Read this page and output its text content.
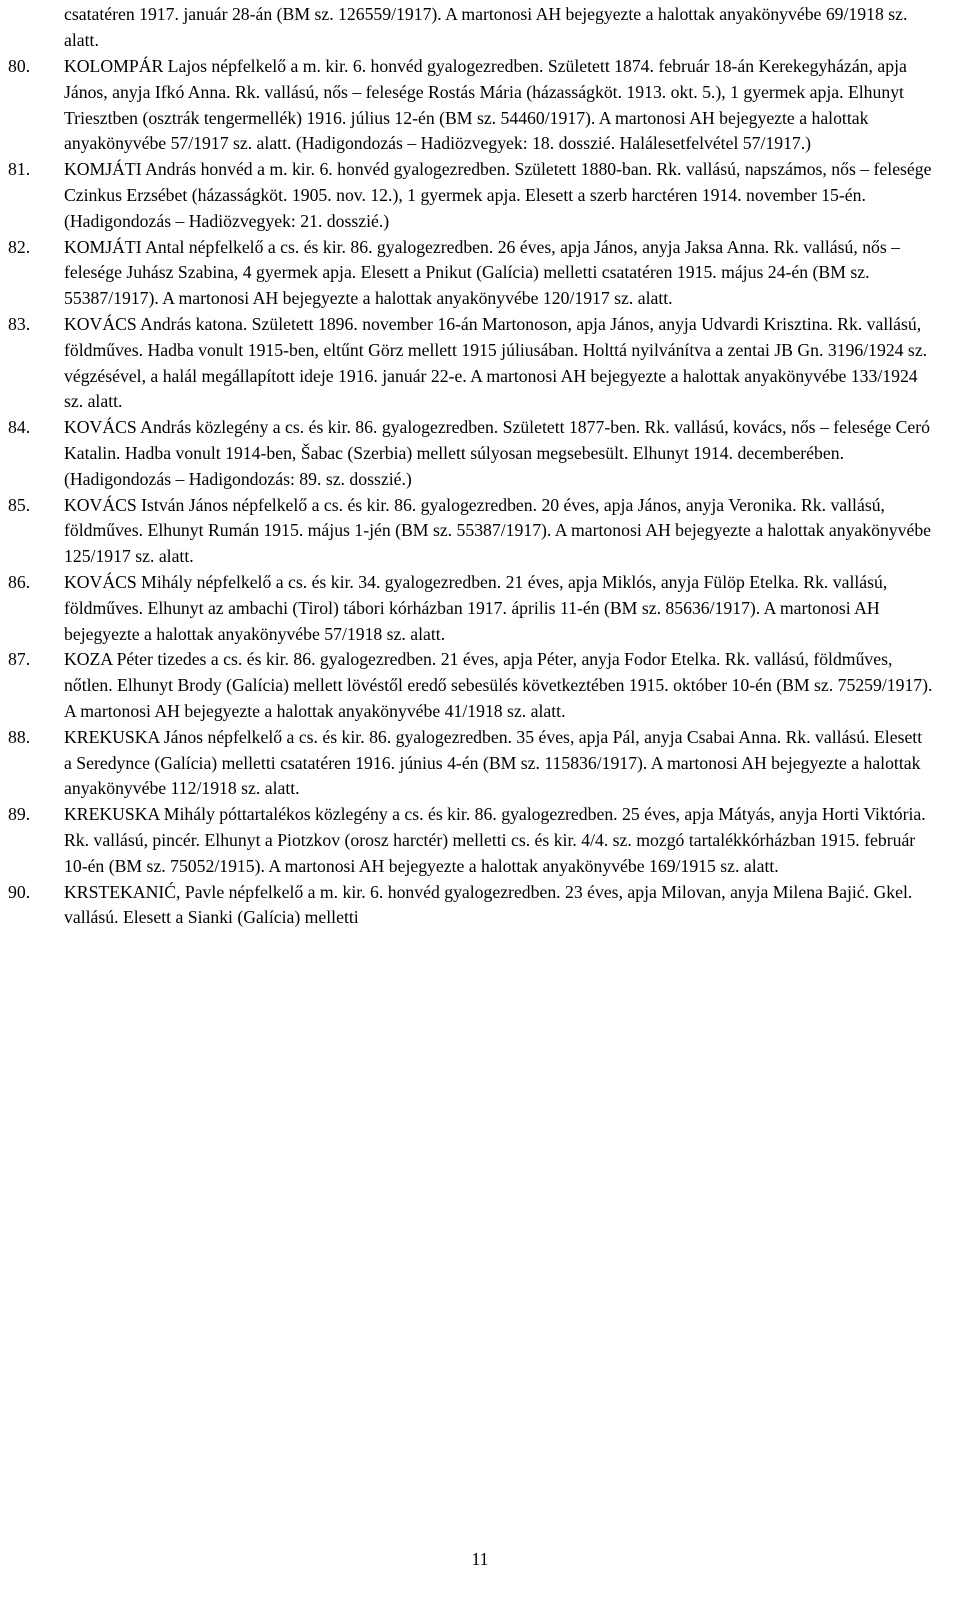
csatatéren 1917. január 28-án (BM sz. 126559/1917). A martonosi AH bejegyezte a halottak anyakönyvébe 69/1918 sz. alatt.
80.	KOLOMPÁR Lajos népfelkelő a m. kir. 6. honvéd gyalogezredben. Született 1874. február 18-án Kerekegyházán, apja János, anyja Ifkó Anna. Rk. vallású, nős – felesége Rostás Mária (házasságköt. 1913. okt. 5.), 1 gyermek apja. Elhunyt Triesztben (osztrák tengermellék) 1916. július 12-én (BM sz. 54460/1917). A martonosi AH bejegyezte a halottak anyakönyvébe 57/1917 sz. alatt. (Hadigondozás – Hadiözvegyek: 18. dosszié. Halálesetfelvétel 57/1917.)
81.	KOMJÁTI András honvéd a m. kir. 6. honvéd gyalogezredben. Született 1880-ban. Rk. vallású, napszámos, nős – felesége Czinkus Erzsébet (házasságköt. 1905. nov. 12.), 1 gyermek apja. Elesett a szerb harctéren 1914. november 15-én. (Hadigondozás – Hadiözvegyek: 21. dosszié.)
82.	KOMJÁTI Antal népfelkelő a cs. és kir. 86. gyalogezredben. 26 éves, apja János, anyja Jaksa Anna. Rk. vallású, nős – felesége Juhász Szabina, 4 gyermek apja. Elesett a Pnikut (Galícia) melletti csatatéren 1915. május 24-én (BM sz. 55387/1917). A martonosi AH bejegyezte a halottak anyakönyvébe 120/1917 sz. alatt.
83.	KOVÁCS András katona. Született 1896. november 16-án Martonoson, apja János, anyja Udvardi Krisztina. Rk. vallású, földműves. Hadba vonult 1915-ben, eltűnt Görz mellett 1915 júliusában. Holttá nyilvánítva a zentai JB Gn. 3196/1924 sz. végzésével, a halál megállapított ideje 1916. január 22-e. A martonosi AH bejegyezte a halottak anyakönyvébe 133/1924 sz. alatt.
84.	KOVÁCS András közlegény a cs. és kir. 86. gyalogezredben. Született 1877-ben. Rk. vallású, kovács, nős – felesége Ceró Katalin. Hadba vonult 1914-ben, Šabac (Szerbia) mellett súlyosan megsebesült. Elhunyt 1914. decemberében. (Hadigondozás – Hadigondozás: 89. sz. dosszié.)
85.	KOVÁCS István János népfelkelő a cs. és kir. 86. gyalogezredben. 20 éves, apja János, anyja Veronika. Rk. vallású, földműves. Elhunyt Rumán 1915. május 1-jén (BM sz. 55387/1917). A martonosi AH bejegyezte a halottak anyakönyvébe 125/1917 sz. alatt.
86.	KOVÁCS Mihály népfelkelő a cs. és kir. 34. gyalogezredben. 21 éves, apja Miklós, anyja Fülöp Etelka. Rk. vallású, földműves. Elhunyt az ambachi (Tirol) tábori kórházban 1917. április 11-én (BM sz. 85636/1917). A martonosi AH bejegyezte a halottak anyakönyvébe 57/1918 sz. alatt.
87.	KOZA Péter tizedes a cs. és kir. 86. gyalogezredben. 21 éves, apja Péter, anyja Fodor Etelka. Rk. vallású, földműves, nőtlen. Elhunyt Brody (Galícia) mellett lövéstől eredő sebesülés következtében 1915. október 10-én (BM sz. 75259/1917). A martonosi AH bejegyezte a halottak anyakönyvébe 41/1918 sz. alatt.
88.	KREKUSKA János népfelkelő a cs. és kir. 86. gyalogezredben. 35 éves, apja Pál, anyja Csabai Anna. Rk. vallású. Elesett a Seredynce (Galícia) melletti csatatéren 1916. június 4-én (BM sz. 115836/1917). A martonosi AH bejegyezte a halottak anyakönyvébe 112/1918 sz. alatt.
89.	KREKUSKA Mihály póttartalékos közlegény a cs. és kir. 86. gyalogezredben. 25 éves, apja Mátyás, anyja Horti Viktória. Rk. vallású, pincér. Elhunyt a Piotzkov (orosz harctér) melletti cs. és kir. 4/4. sz. mozgó tartalékkórházban 1915. február 10-én (BM sz. 75052/1915). A martonosi AH bejegyezte a halottak anyakönyvébe 169/1915 sz. alatt.
90.	KRSTEKANIĆ, Pavle népfelkelő a m. kir. 6. honvéd gyalogezredben. 23 éves, apja Milovan, anyja Milena Bajić. Gkel. vallású. Elesett a Sianki (Galícia) melletti
11
